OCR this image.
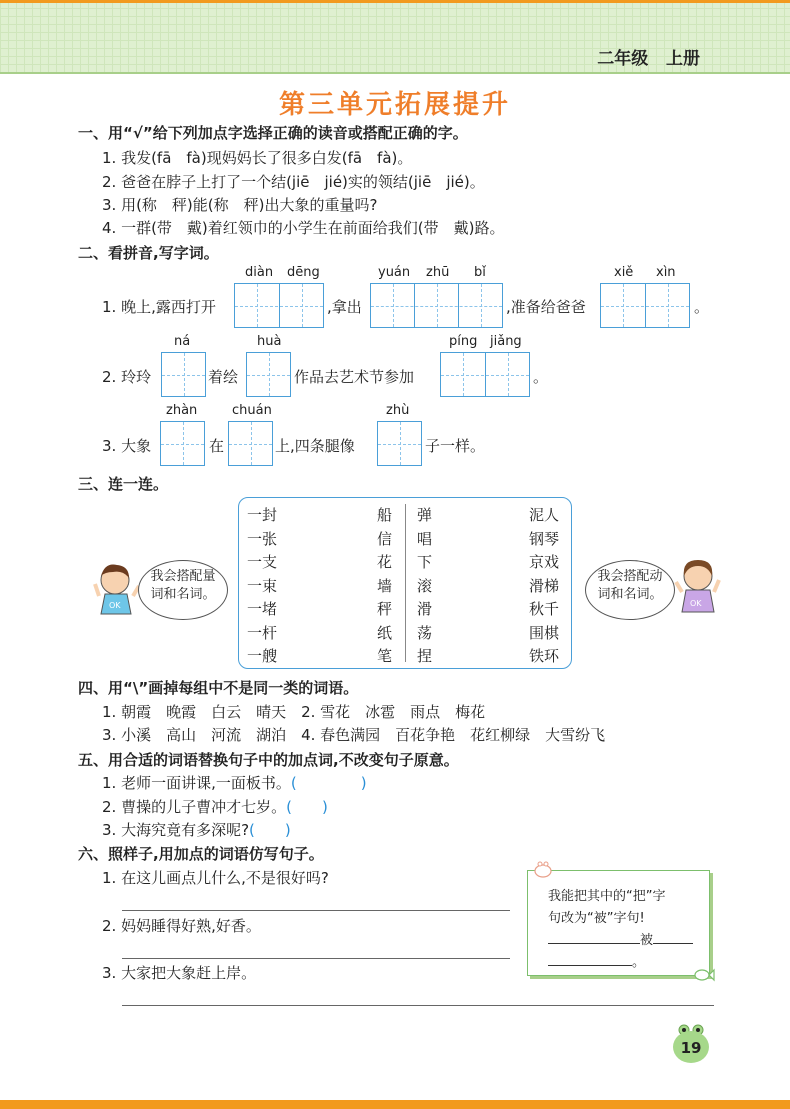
二年级 上册
第三单元拓展提升
一、用“√”给下列加点字选择正确的读音或搭配正确的字。
1. 我发(fā　fà)现妈妈长了很多白发(fā　fà)。
2. 爸爸在脖子上打了一个结(jiē　jié)实的领结(jiē　jié)。
3. 用(称　秤)能(称　秤)出大象的重量吗?
4. 一群(带　戴)着红领巾的小学生在前面给我们(带　戴)路。
二、看拼音,写字词。
diàn dēng	yuán zhū bǐ	xiě xìn
1. 晚上,露西打开	,拿出	,准备给爸爸	。
ná	huà	píng jiǎng
2. 玲玲	着绘	作品去艺术节参加	。
zhàn	chuán	zhù
3. 大象	在	上,四条腿像	子一样。
三、连一连。
一封
一张
一支
一束
一堵
一杆
一艘
船
信
花
墙
秤
纸
笔
弹
唱
下
滚
滑
荡
捏
泥人
钢琴
京戏
滑梯
秋千
围棋
铁环
OK
我会搭配量
词和名词。
我会搭配动
词和名词。
OK
四、用“\”画掉每组中不是同一类的词语。
1. 朝霞　晚霞　白云　晴天　2. 雪花　冰雹　雨点　梅花
3. 小溪　高山　河流　湖泊　4. 春色满园　百花争艳　花红柳绿　大雪纷飞
五、用合适的词语替换句子中的加点词,不改变句子原意。
1. 老师一面讲课,一面板书。(	)
2. 曹操的儿子曹冲才七岁。( )
3. 大海究竟有多深呢?( )
六、照样子,用加点的词语仿写句子。
1. 在这儿画点儿什么,不是很好吗?
2. 妈妈睡得好熟,好香。
3. 大家把大象赶上岸。
我能把其中的“把”字
句改为“被”字句!
被
。
19
